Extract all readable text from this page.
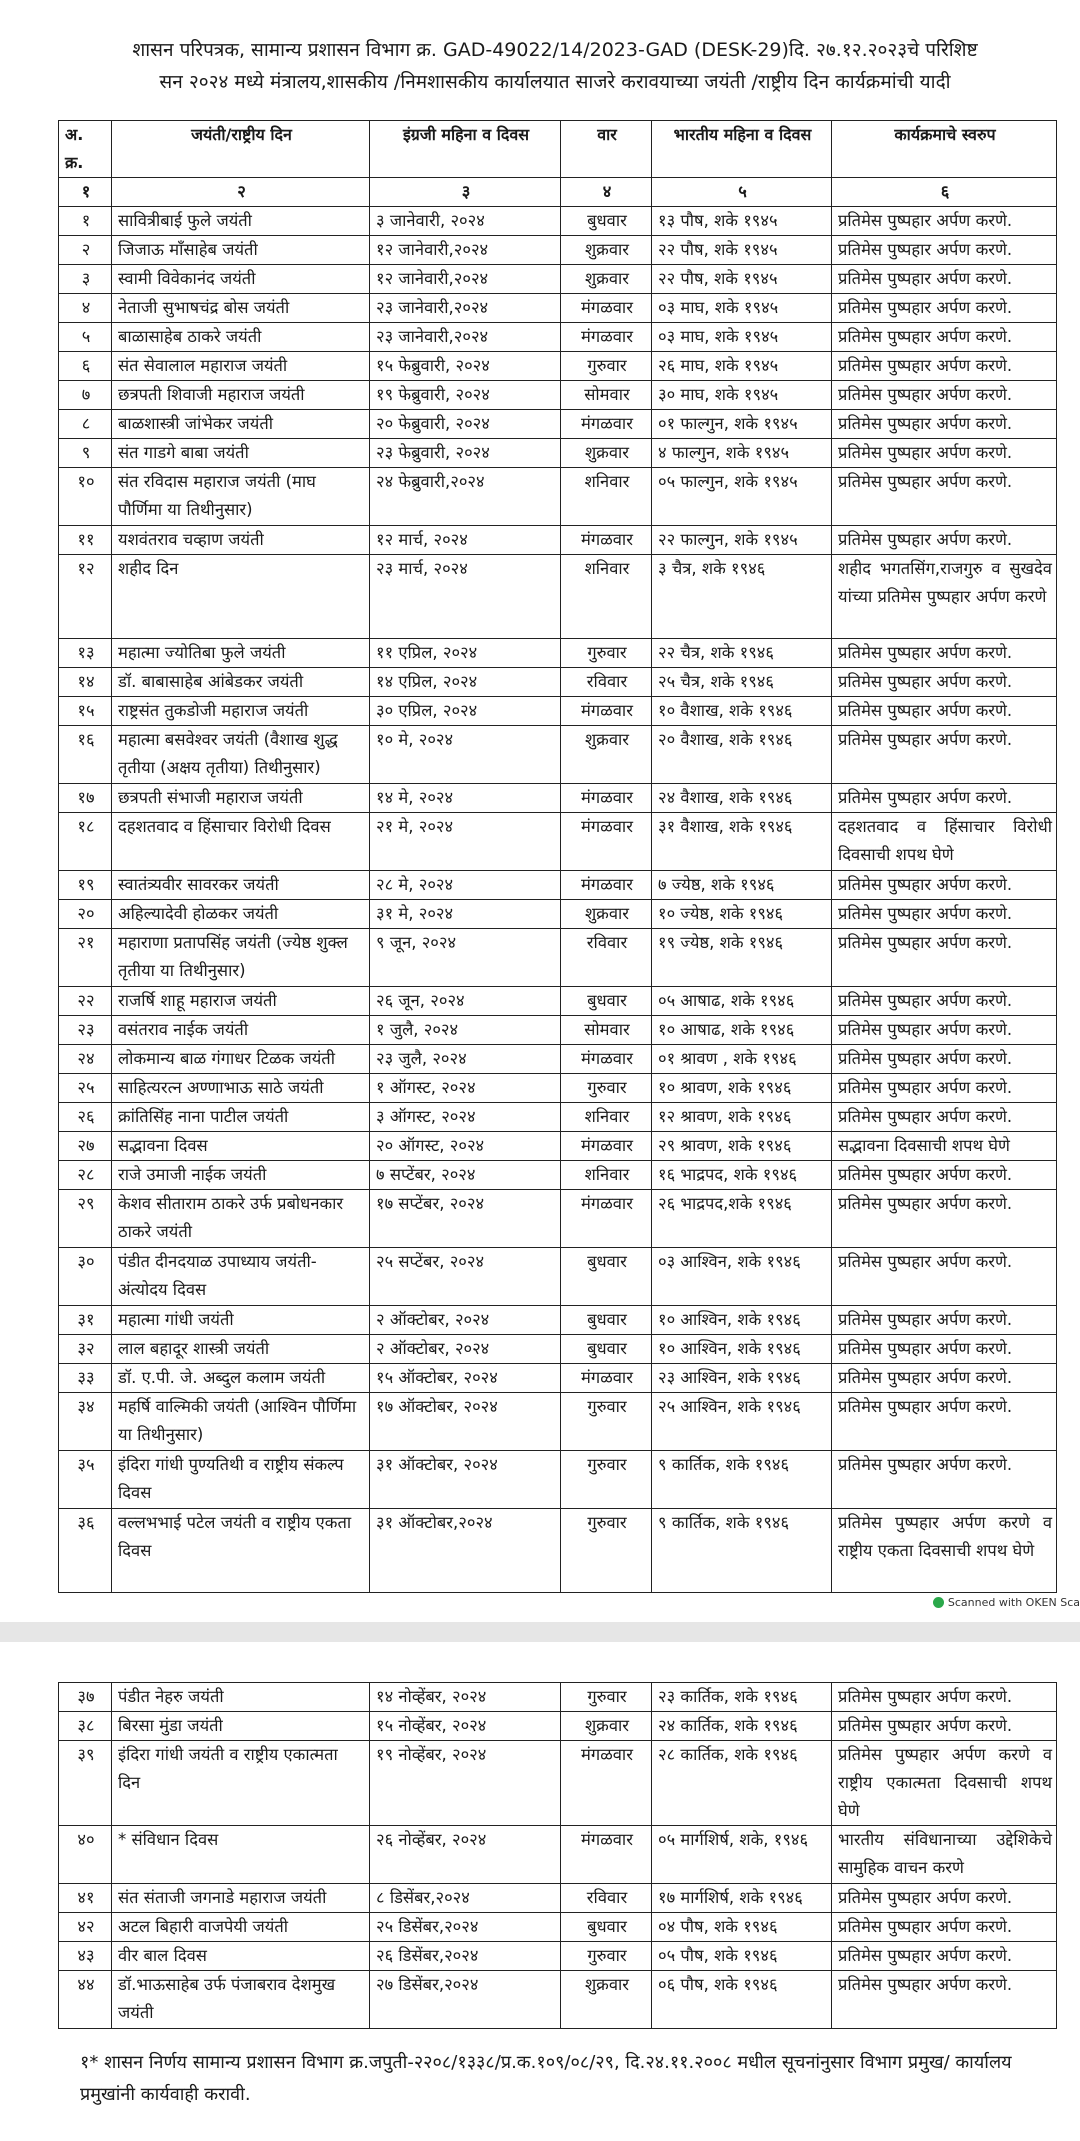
शासन परिपत्रक, सामान्य प्रशासन विभाग क्र. GAD-49022/14/2023-GAD (DESK-29)दि. २७.१२.२०२३चे परिशिष्ट
सन २०२४ मध्ये मंत्रालय,शासकीय /निमशासकीय कार्यालयात साजरे करावयाच्या जयंती /राष्ट्रीय दिन कार्यक्रमांची यादी
अ. क्र.	जयंती/राष्ट्रीय दिन	इंग्रजी महिना व दिवस	वार	भारतीय महिना व दिवस	कार्यक्रमाचे स्वरुप
१	२	३	४	५	६
१	सावित्रीबाई फुले जयंती	३ जानेवारी, २०२४	बुधवार	१३ पौष, शके १९४५	प्रतिमेस पुष्पहार अर्पण करणे.
२	जिजाऊ माँसाहेब जयंती	१२ जानेवारी,२०२४	शुक्रवार	२२ पौष, शके १९४५	प्रतिमेस पुष्पहार अर्पण करणे.
३	स्वामी विवेकानंद जयंती	१२ जानेवारी,२०२४	शुक्रवार	२२ पौष, शके १९४५	प्रतिमेस पुष्पहार अर्पण करणे.
४	नेताजी सुभाषचंद्र बोस जयंती	२३ जानेवारी,२०२४	मंगळवार	०३ माघ, शके १९४५	प्रतिमेस पुष्पहार अर्पण करणे.
५	बाळासाहेब ठाकरे जयंती	२३ जानेवारी,२०२४	मंगळवार	०३ माघ, शके १९४५	प्रतिमेस पुष्पहार अर्पण करणे.
६	संत सेवालाल महाराज जयंती	१५ फेब्रुवारी, २०२४	गुरुवार	२६ माघ, शके १९४५	प्रतिमेस पुष्पहार अर्पण करणे.
७	छत्रपती शिवाजी महाराज जयंती	१९ फेब्रुवारी, २०२४	सोमवार	३० माघ, शके १९४५	प्रतिमेस पुष्पहार अर्पण करणे.
८	बाळशास्त्री जांभेकर जयंती	२० फेब्रुवारी, २०२४	मंगळवार	०१ फाल्गुन, शके १९४५	प्रतिमेस पुष्पहार अर्पण करणे.
९	संत गाडगे बाबा जयंती	२३ फेब्रुवारी, २०२४	शुक्रवार	४ फाल्गुन, शके १९४५	प्रतिमेस पुष्पहार अर्पण करणे.
१०	संत रविदास महाराज जयंती (माघ पौर्णिमा या तिथीनुसार)	२४ फेब्रुवारी,२०२४	शनिवार	०५ फाल्गुन, शके १९४५	प्रतिमेस पुष्पहार अर्पण करणे.
११	यशवंतराव चव्हाण जयंती	१२ मार्च, २०२४	मंगळवार	२२ फाल्गुन, शके १९४५	प्रतिमेस पुष्पहार अर्पण करणे.
१२	शहीद दिन	२३ मार्च, २०२४	शनिवार	३ चैत्र, शके १९४६	शहीद भगतसिंग,राजगुरु व सुखदेव यांच्या प्रतिमेस पुष्पहार अर्पण करणे
१३	महात्मा ज्योतिबा फुले जयंती	११ एप्रिल, २०२४	गुरुवार	२२ चैत्र, शके १९४६	प्रतिमेस पुष्पहार अर्पण करणे.
१४	डॉ. बाबासाहेब आंबेडकर जयंती	१४ एप्रिल, २०२४	रविवार	२५ चैत्र, शके १९४६	प्रतिमेस पुष्पहार अर्पण करणे.
१५	राष्ट्रसंत तुकडोजी महाराज जयंती	३० एप्रिल, २०२४	मंगळवार	१० वैशाख, शके १९४६	प्रतिमेस पुष्पहार अर्पण करणे.
१६	महात्मा बसवेश्वर जयंती (वैशाख शुद्ध तृतीया (अक्षय तृतीया) तिथीनुसार)	१० मे, २०२४	शुक्रवार	२० वैशाख, शके १९४६	प्रतिमेस पुष्पहार अर्पण करणे.
१७	छत्रपती संभाजी महाराज जयंती	१४ मे, २०२४	मंगळवार	२४ वैशाख, शके १९४६	प्रतिमेस पुष्पहार अर्पण करणे.
१८	दहशतवाद व हिंसाचार विरोधी दिवस	२१ मे, २०२४	मंगळवार	३१ वैशाख, शके १९४६	दहशतवाद व हिंसाचार विरोधी दिवसाची शपथ घेणे
१९	स्वातंत्र्यवीर सावरकर जयंती	२८ मे, २०२४	मंगळवार	७ ज्येष्ठ, शके १९४६	प्रतिमेस पुष्पहार अर्पण करणे.
२०	अहिल्यादेवी होळकर जयंती	३१ मे, २०२४	शुक्रवार	१० ज्येष्ठ, शके १९४६	प्रतिमेस पुष्पहार अर्पण करणे.
२१	महाराणा प्रतापसिंह जयंती (ज्येष्ठ शुक्ल तृतीया या तिथीनुसार)	९ जून, २०२४	रविवार	१९ ज्येष्ठ, शके १९४६	प्रतिमेस पुष्पहार अर्पण करणे.
२२	राजर्षि शाहू महाराज जयंती	२६ जून, २०२४	बुधवार	०५ आषाढ, शके १९४६	प्रतिमेस पुष्पहार अर्पण करणे.
२३	वसंतराव नाईक जयंती	१ जुलै, २०२४	सोमवार	१० आषाढ, शके १९४६	प्रतिमेस पुष्पहार अर्पण करणे.
२४	लोकमान्य बाळ गंगाधर टिळक जयंती	२३ जुलै, २०२४	मंगळवार	०१ श्रावण , शके १९४६	प्रतिमेस पुष्पहार अर्पण करणे.
२५	साहित्यरत्न अण्णाभाऊ साठे जयंती	१ ऑगस्ट, २०२४	गुरुवार	१० श्रावण, शके १९४६	प्रतिमेस पुष्पहार अर्पण करणे.
२६	क्रांतिसिंह नाना पाटील जयंती	३ ऑगस्ट, २०२४	शनिवार	१२ श्रावण, शके १९४६	प्रतिमेस पुष्पहार अर्पण करणे.
२७	सद्भावना दिवस	२० ऑगस्ट, २०२४	मंगळवार	२९ श्रावण, शके १९४६	सद्भावना दिवसाची शपथ घेणे
२८	राजे उमाजी नाईक जयंती	७ सप्टेंबर, २०२४	शनिवार	१६ भाद्रपद, शके १९४६	प्रतिमेस पुष्पहार अर्पण करणे.
२९	केशव सीताराम ठाकरे उर्फ प्रबोधनकार ठाकरे जयंती	१७ सप्टेंबर, २०२४	मंगळवार	२६ भाद्रपद,शके १९४६	प्रतिमेस पुष्पहार अर्पण करणे.
३०	पंडीत दीनदयाळ उपाध्याय जयंती-अंत्योदय दिवस	२५ सप्टेंबर, २०२४	बुधवार	०३ आश्विन, शके १९४६	प्रतिमेस पुष्पहार अर्पण करणे.
३१	महात्मा गांधी जयंती	२ ऑक्टोबर, २०२४	बुधवार	१० आश्विन, शके १९४६	प्रतिमेस पुष्पहार अर्पण करणे.
३२	लाल बहादूर शास्त्री जयंती	२ ऑक्टोबर, २०२४	बुधवार	१० आश्विन, शके १९४६	प्रतिमेस पुष्पहार अर्पण करणे.
३३	डॉ. ए.पी. जे. अब्दुल कलाम जयंती	१५ ऑक्टोबर, २०२४	मंगळवार	२३ आश्विन, शके १९४६	प्रतिमेस पुष्पहार अर्पण करणे.
३४	महर्षि वाल्मिकी जयंती (आश्विन पौर्णिमा या तिथीनुसार)	१७ ऑक्टोबर, २०२४	गुरुवार	२५ आश्विन, शके १९४६	प्रतिमेस पुष्पहार अर्पण करणे.
३५	इंदिरा गांधी पुण्यतिथी व राष्ट्रीय संकल्प दिवस	३१ ऑक्टोबर, २०२४	गुरुवार	९ कार्तिक, शके १९४६	प्रतिमेस पुष्पहार अर्पण करणे.
३६	वल्लभभाई पटेल जयंती व राष्ट्रीय एकता दिवस	३१ ऑक्टोबर,२०२४	गुरुवार	९ कार्तिक, शके १९४६	प्रतिमेस पुष्पहार अर्पण करणे व राष्ट्रीय एकता दिवसाची शपथ घेणे
Scanned with OKEN Sca
३७	पंडीत नेहरु जयंती	१४ नोव्हेंबर, २०२४	गुरुवार	२३ कार्तिक, शके १९४६	प्रतिमेस पुष्पहार अर्पण करणे.
३८	बिरसा मुंडा जयंती	१५ नोव्हेंबर, २०२४	शुक्रवार	२४ कार्तिक, शके १९४६	प्रतिमेस पुष्पहार अर्पण करणे.
३९	इंदिरा गांधी जयंती व राष्ट्रीय एकात्मता दिन	१९ नोव्हेंबर, २०२४	मंगळवार	२८ कार्तिक, शके १९४६	प्रतिमेस पुष्पहार अर्पण करणे व राष्ट्रीय एकात्मता दिवसाची शपथ घेणे
४०	* संविधान दिवस	२६ नोव्हेंबर, २०२४	मंगळवार	०५ मार्गशिर्ष, शके, १९४६	भारतीय संविधानाच्या उद्देशिकेचे सामुहिक वाचन करणे
४१	संत संताजी जगनाडे महाराज जयंती	८ डिसेंबर,२०२४	रविवार	१७ मार्गशिर्ष, शके १९४६	प्रतिमेस पुष्पहार अर्पण करणे.
४२	अटल बिहारी वाजपेयी जयंती	२५ डिसेंबर,२०२४	बुधवार	०४ पौष, शके १९४६	प्रतिमेस पुष्पहार अर्पण करणे.
४३	वीर बाल दिवस	२६ डिसेंबर,२०२४	गुरुवार	०५ पौष, शके १९४६	प्रतिमेस पुष्पहार अर्पण करणे.
४४	डॉ.भाऊसाहेब उर्फ पंजाबराव देशमुख जयंती	२७ डिसेंबर,२०२४	शुक्रवार	०६ पौष, शके १९४६	प्रतिमेस पुष्पहार अर्पण करणे.
१* शासन निर्णय सामान्य प्रशासन विभाग क्र.जपुती-२२०८/१३३८/प्र.क.१०९/०८/२९, दि.२४.११.२००८ मधील सूचनांनुसार विभाग प्रमुख/ कार्यालय प्रमुखांनी कार्यवाही करावी.
